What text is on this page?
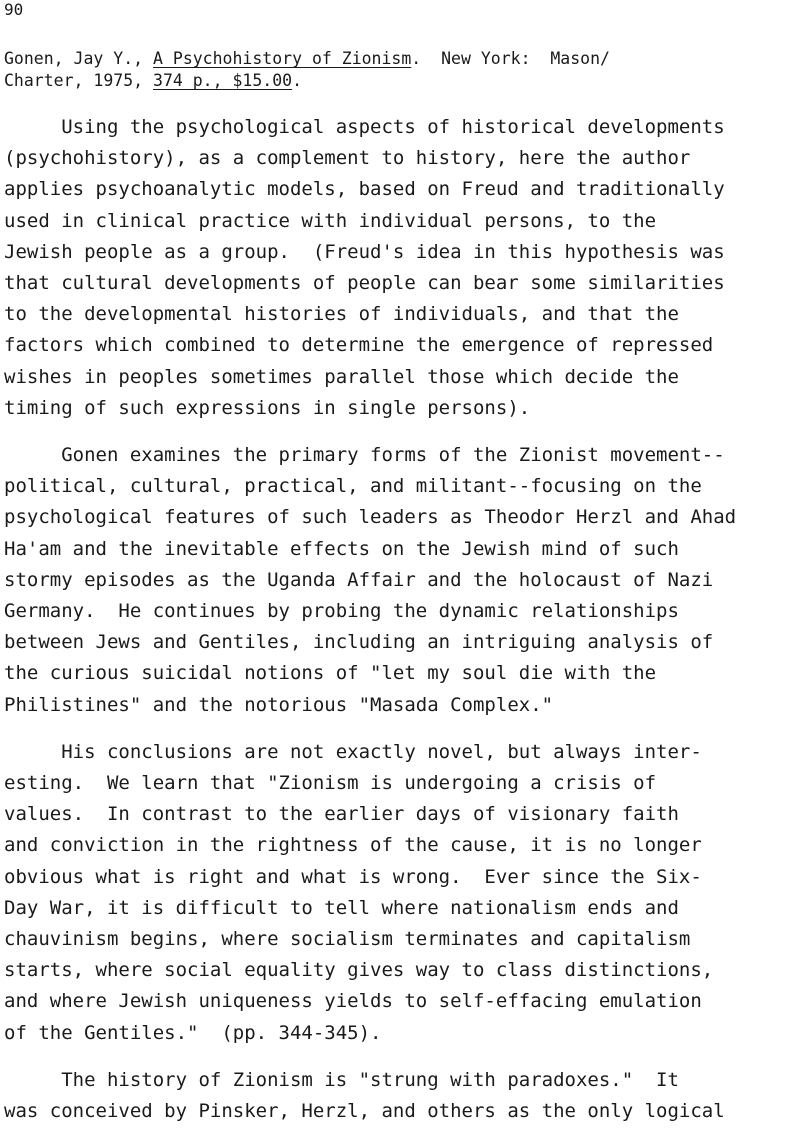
90
Gonen, Jay Y., A Psychohistory of Zionism.  New York:  Mason/
Charter, 1975, 374 p., $15.00.

Using the psychological aspects of historical developments
(psychohistory), as a complement to history, here the author
applies psychoanalytic models, based on Freud and traditionally
used in clinical practice with individual persons, to the
Jewish people as a group.  (Freud's idea in this hypothesis was
that cultural developments of people can bear some similarities
to the developmental histories of individuals, and that the
factors which combined to determine the emergence of repressed
wishes in peoples sometimes parallel those which decide the
timing of such expressions in single persons).

Gonen examines the primary forms of the Zionist movement--
political, cultural, practical, and militant--focusing on the
psychological features of such leaders as Theodor Herzl and Ahad
Ha'am and the inevitable effects on the Jewish mind of such
stormy episodes as the Uganda Affair and the holocaust of Nazi
Germany.  He continues by probing the dynamic relationships
between Jews and Gentiles, including an intriguing analysis of
the curious suicidal notions of "let my soul die with the
Philistines" and the notorious "Masada Complex."

His conclusions are not exactly novel, but always inter-
esting.  We learn that "Zionism is undergoing a crisis of
values.  In contrast to the earlier days of visionary faith
and conviction in the rightness of the cause, it is no longer
obvious what is right and what is wrong.  Ever since the Six-
Day War, it is difficult to tell where nationalism ends and
chauvinism begins, where socialism terminates and capitalism
starts, where social equality gives way to class distinctions,
and where Jewish uniqueness yields to self-effacing emulation
of the Gentiles."  (pp. 344-345).

The history of Zionism is "strung with paradoxes."  It
was conceived by Pinsker, Herzl, and others as the only logical
